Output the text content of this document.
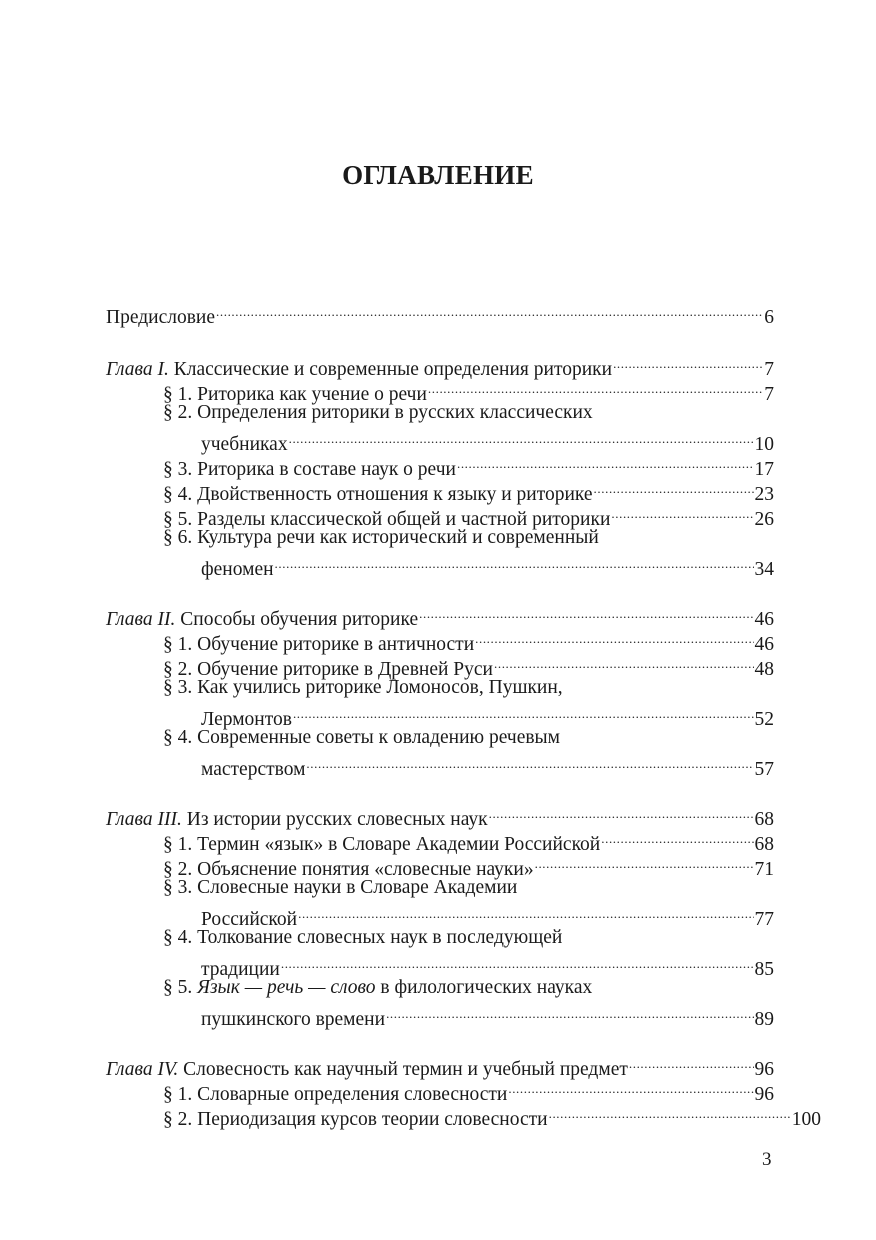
ОГЛАВЛЕНИЕ
Предисловие .....	6
Глава I. Классические и современные определения риторики .....	7
§ 1. Риторика как учение о речи .....	7
§ 2. Определения риторики в русских классических
учебниках .....	10
§ 3. Риторика в составе наук о речи .....	17
§ 4. Двойственность отношения к языку и риторике .....	23
§ 5. Разделы классической общей и частной риторики .....	26
§ 6. Культура речи как исторический и современный
феномен .....	34
Глава II. Способы обучения риторике .....	46
§ 1. Обучение риторике в античности .....	46
§ 2. Обучение риторике в Древней Руси .....	48
§ 3. Как учились риторике Ломоносов, Пушкин,
Лермонтов .....	52
§ 4. Современные советы к овладению речевым
мастерством .....	57
Глава III. Из истории русских словесных наук .....	68
§ 1. Термин «язык» в Словаре Академии Российской .....	68
§ 2. Объяснение понятия «словесные науки» .....	71
§ 3. Словесные науки в Словаре Академии
Российской .....	77
§ 4. Толкование словесных наук в последующей
традиции .....	85
§ 5. Язык — речь — слово в филологических науках
пушкинского времени .....	89
Глава IV. Словесность как научный термин и учебный предмет .....	96
§ 1. Словарные определения словесности .....	96
§ 2. Периодизация курсов теории словесности .....	100
3
